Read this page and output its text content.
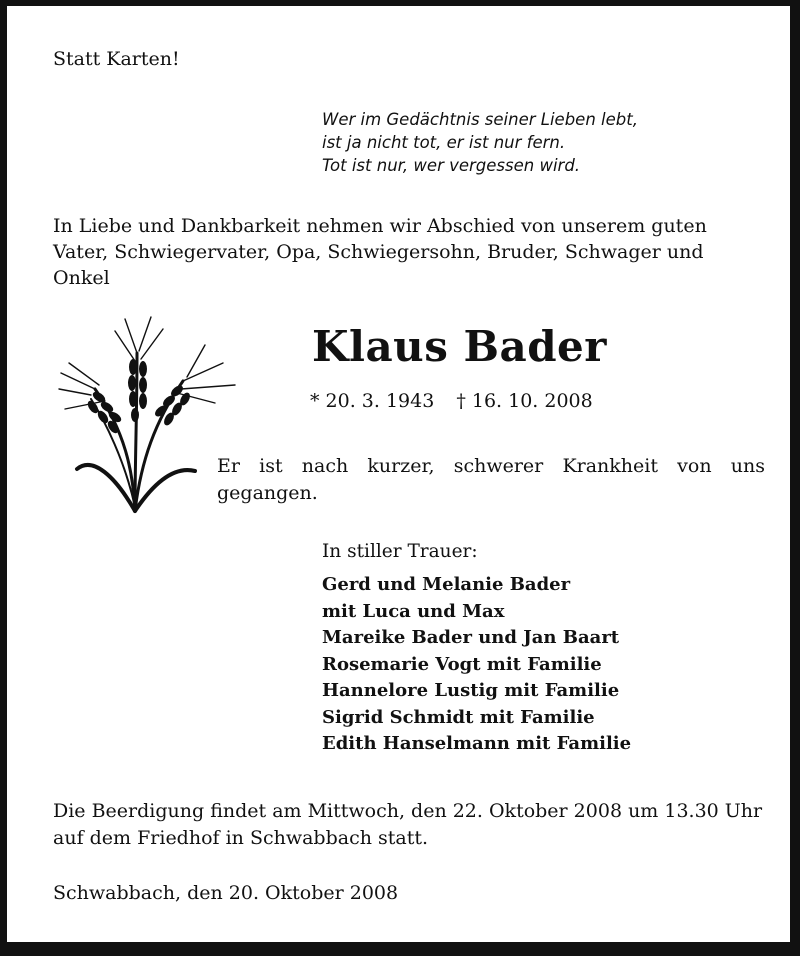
Statt Karten!
Wer im Gedächtnis seiner Lieben lebt,
ist ja nicht tot, er ist nur fern.
Tot ist nur, wer vergessen wird.
In Liebe und Dankbarkeit nehmen wir Abschied von unserem guten Vater, Schwiegervater, Opa, Schwiegersohn, Bruder, Schwager und Onkel
Klaus Bader
* 20. 3. 1943 † 16. 10. 2008
Er ist nach kurzer, schwerer Krankheit von uns gegangen.
In stiller Trauer:
Gerd und Melanie Bader
mit Luca und Max
Mareike Bader und Jan Baart
Rosemarie Vogt mit Familie
Hannelore Lustig mit Familie
Sigrid Schmidt mit Familie
Edith Hanselmann mit Familie
Die Beerdigung findet am Mittwoch, den 22. Oktober 2008 um 13.30 Uhr auf dem Friedhof in Schwabbach statt.
Schwabbach, den 20. Oktober 2008
